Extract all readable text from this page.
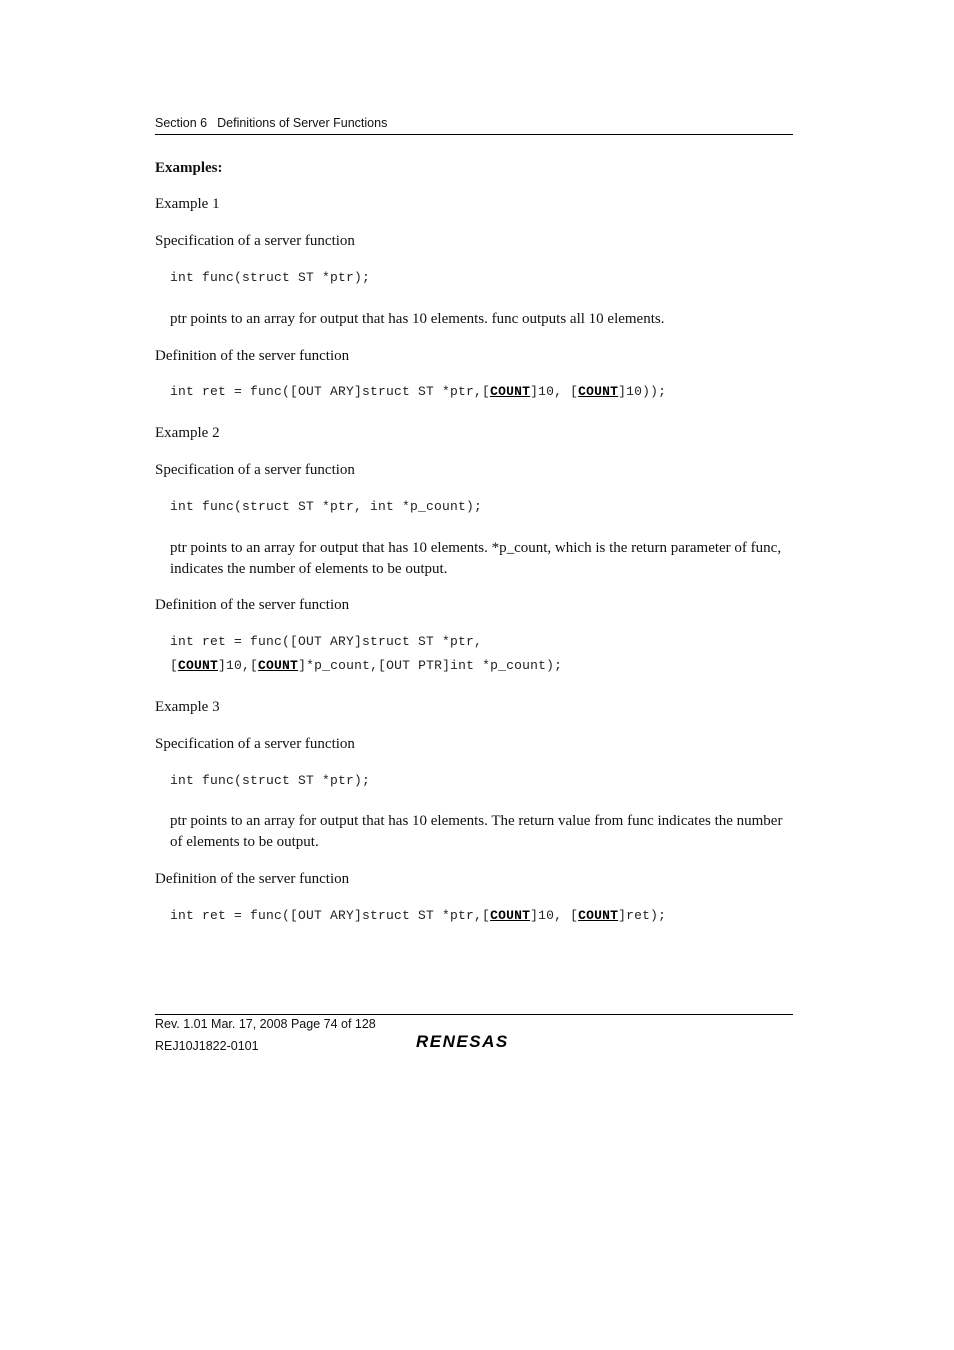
Section 6 Definitions of Server Functions
Examples:
Example 1
Specification of a server function
int func(struct ST *ptr);
ptr points to an array for output that has 10 elements. func outputs all 10 elements.
Definition of the server function
int ret = func([OUT ARY]struct ST *ptr,[COUNT]10, [COUNT]10));
Example 2
Specification of a server function
int func(struct ST *ptr, int *p_count);
ptr points to an array for output that has 10 elements. *p_count, which is the return parameter of func, indicates the number of elements to be output.
Definition of the server function
int ret = func([OUT ARY]struct ST *ptr,
[COUNT]10,[COUNT]*p_count,[OUT PTR]int *p_count);
Example 3
Specification of a server function
int func(struct ST *ptr);
ptr points to an array for output that has 10 elements. The return value from func indicates the number of elements to be output.
Definition of the server function
int ret = func([OUT ARY]struct ST *ptr,[COUNT]10, [COUNT]ret);
Rev. 1.01 Mar. 17, 2008 Page 74 of 128
REJ10J1822-0101	RENESAS
